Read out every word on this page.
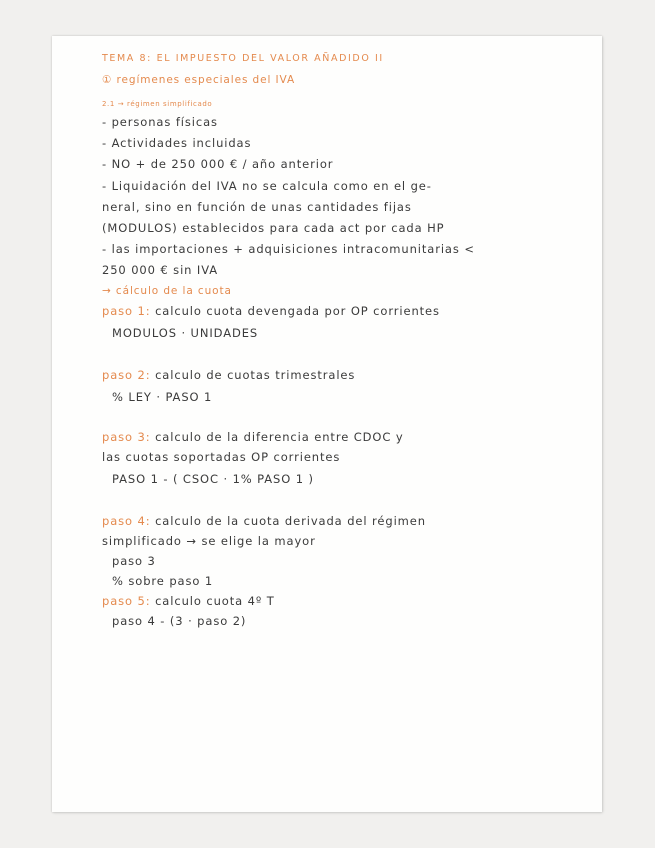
TEMA 8: EL IMPUESTO DEL VALOR AÑADIDO II
① regímenes especiales del IVA
2.1 → régimen simplificado
- personas físicas
- Actividades incluidas
- NO + de 250 000 € / año anterior
- Liquidación del IVA no se calcula como en el ge-
neral, sino en función de unas cantidades fijas
(MODULOS) establecidos para cada act por cada HP
- las importaciones + adquisiciones intracomunitarias <
250 000 € sin IVA
→ cálculo de la cuota
paso 1: calculo cuota devengada por OP corrientes
MODULOS · UNIDADES
paso 2: calculo de cuotas trimestrales
% LEY · PASO 1
paso 3: calculo de la diferencia entre CDOC y
las cuotas soportadas OP corrientes
PASO 1 - ( CSOC · 1% PASO 1 )
paso 4: calculo de la cuota derivada del régimen
simplificado → se elige la mayor
paso 3
% sobre paso 1
paso 5: calculo cuota 4º T
paso 4 - (3 · paso 2)
